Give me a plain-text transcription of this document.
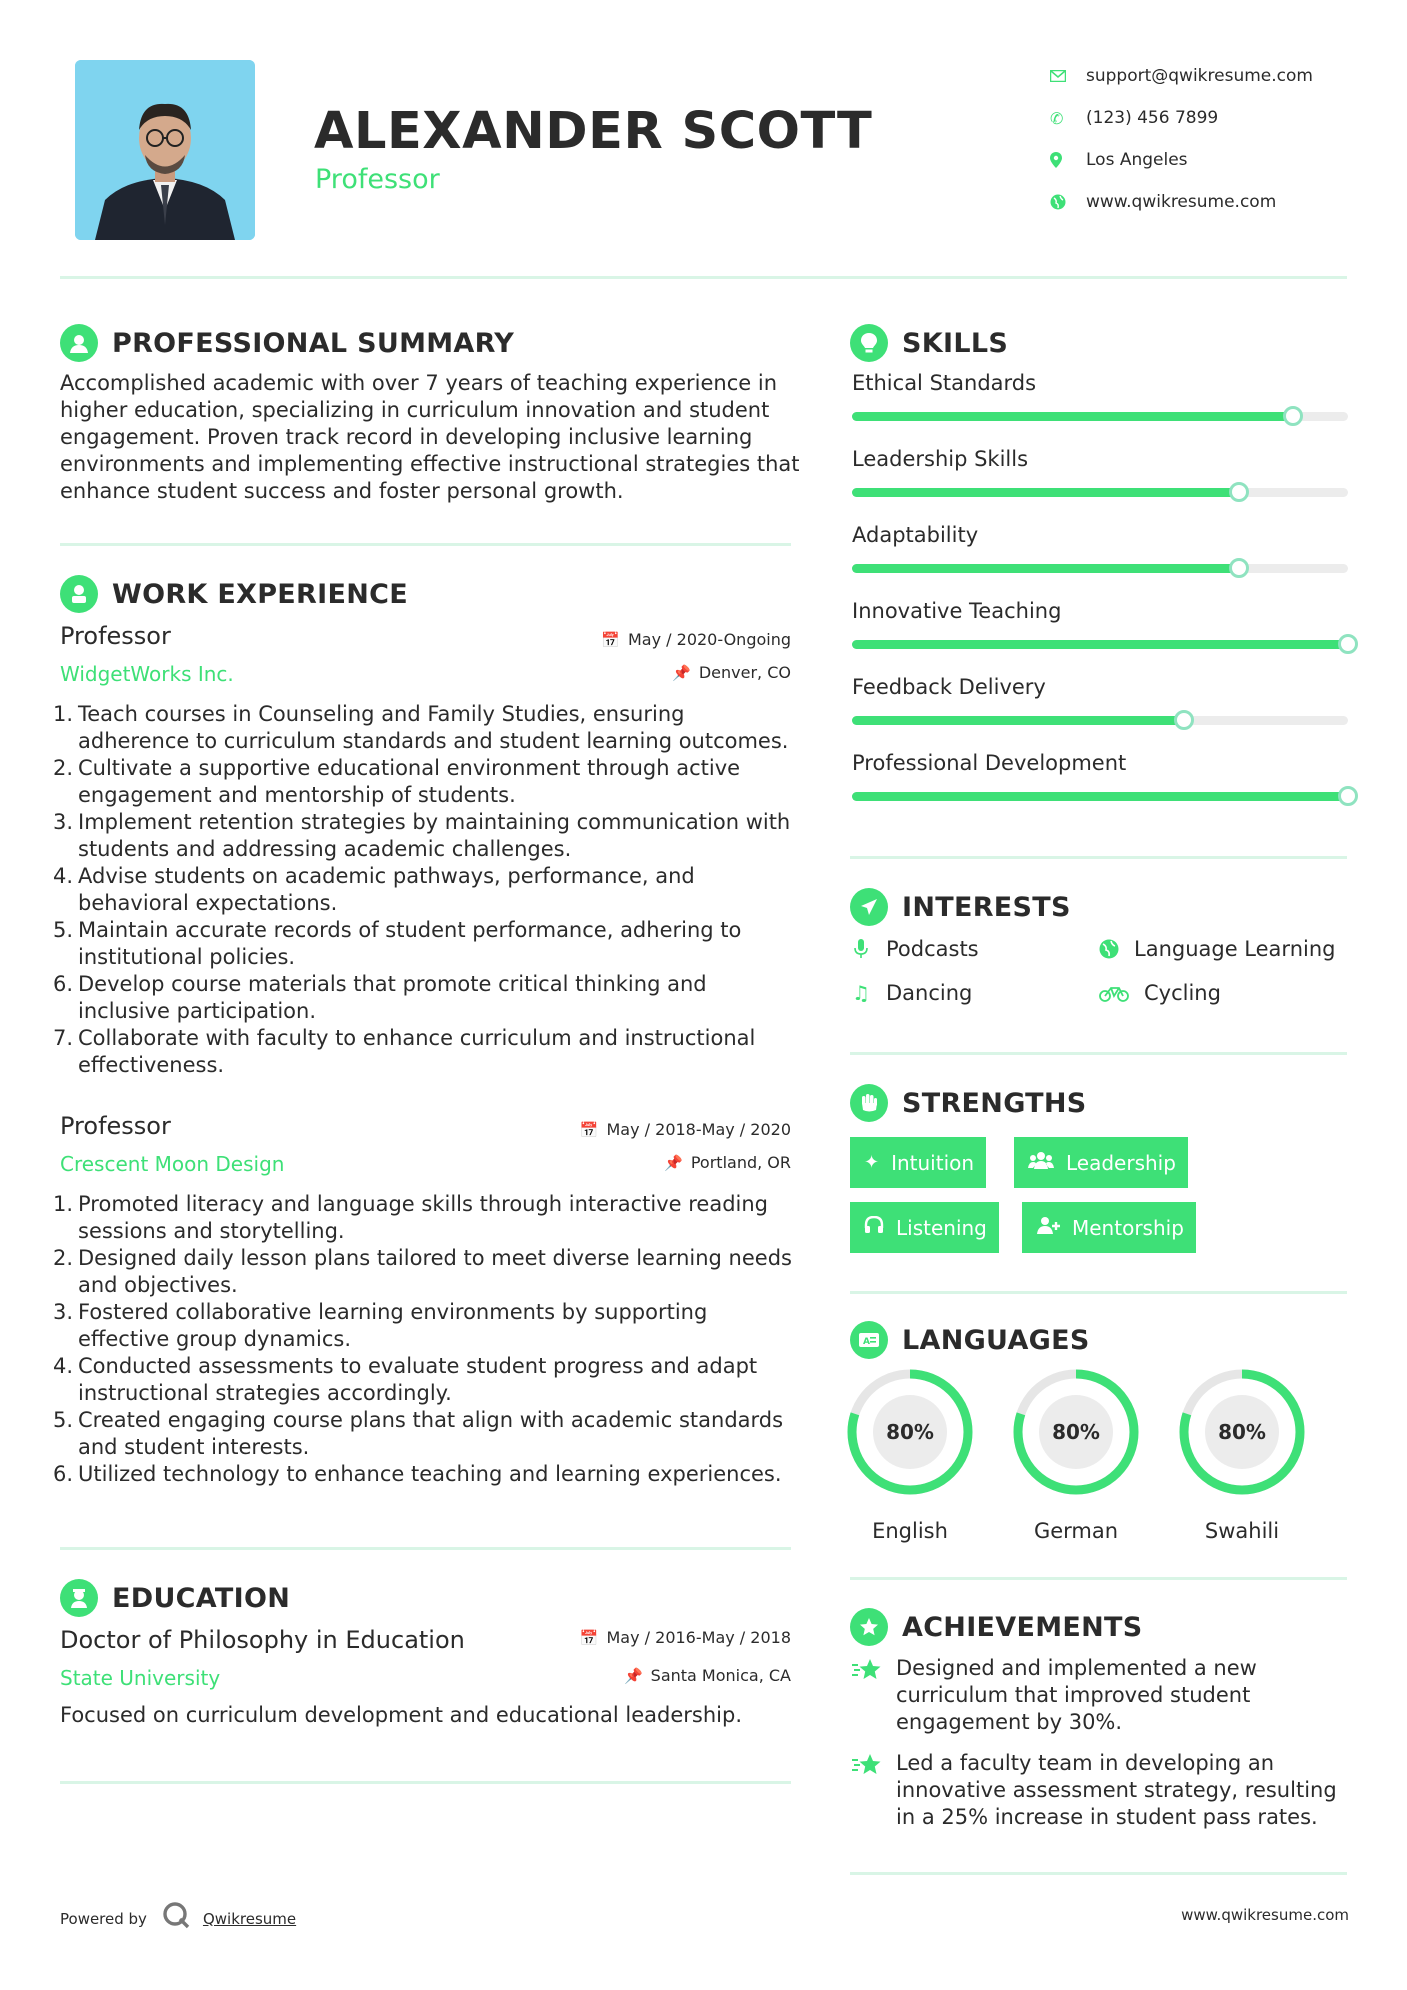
ALEXANDER SCOTT
Professor
support@qwikresume.com
✆	(123) 456 7899
Los Angeles
www.qwikresume.com
PROFESSIONAL SUMMARY
Accomplished academic with over 7 years of teaching experience in higher education, specializing in curriculum innovation and student engagement. Proven track record in developing inclusive learning environments and implementing effective instructional strategies that enhance student success and foster personal growth.
WORK EXPERIENCE
Professor	📅 May / 2020-Ongoing
WidgetWorks Inc.	📌 Denver, CO
Teach courses in Counseling and Family Studies, ensuring adherence to curriculum standards and student learning outcomes.
Cultivate a supportive educational environment through active engagement and mentorship of students.
Implement retention strategies by maintaining communication with students and addressing academic challenges.
Advise students on academic pathways, performance, and behavioral expectations.
Maintain accurate records of student performance, adhering to institutional policies.
Develop course materials that promote critical thinking and inclusive participation.
Collaborate with faculty to enhance curriculum and instructional effectiveness.
Professor	📅 May / 2018-May / 2020
Crescent Moon Design	📌 Portland, OR
Promoted literacy and language skills through interactive reading sessions and storytelling.
Designed daily lesson plans tailored to meet diverse learning needs and objectives.
Fostered collaborative learning environments by supporting effective group dynamics.
Conducted assessments to evaluate student progress and adapt instructional strategies accordingly.
Created engaging course plans that align with academic standards and student interests.
Utilized technology to enhance teaching and learning experiences.
EDUCATION
Doctor of Philosophy in Education	📅 May / 2016-May / 2018
State University	📌 Santa Monica, CA
Focused on curriculum development and educational leadership.
SKILLS
Ethical Standards
Leadership Skills
Adaptability
Innovative Teaching
Feedback Delivery
Professional Development
INTERESTS
Podcasts	Language Learning
♫ Dancing	Cycling
STRENGTHS
✦ Intuition	Leadership
Listening	Mentorship
A LANGUAGES
80%
English
80%
German
80%
Swahili
ACHIEVEMENTS
Designed and implemented a new curriculum that improved student engagement by 30%.
Led a faculty team in developing an innovative assessment strategy, resulting in a 25% increase in student pass rates.
Powered by	Qwikresume	www.qwikresume.com
